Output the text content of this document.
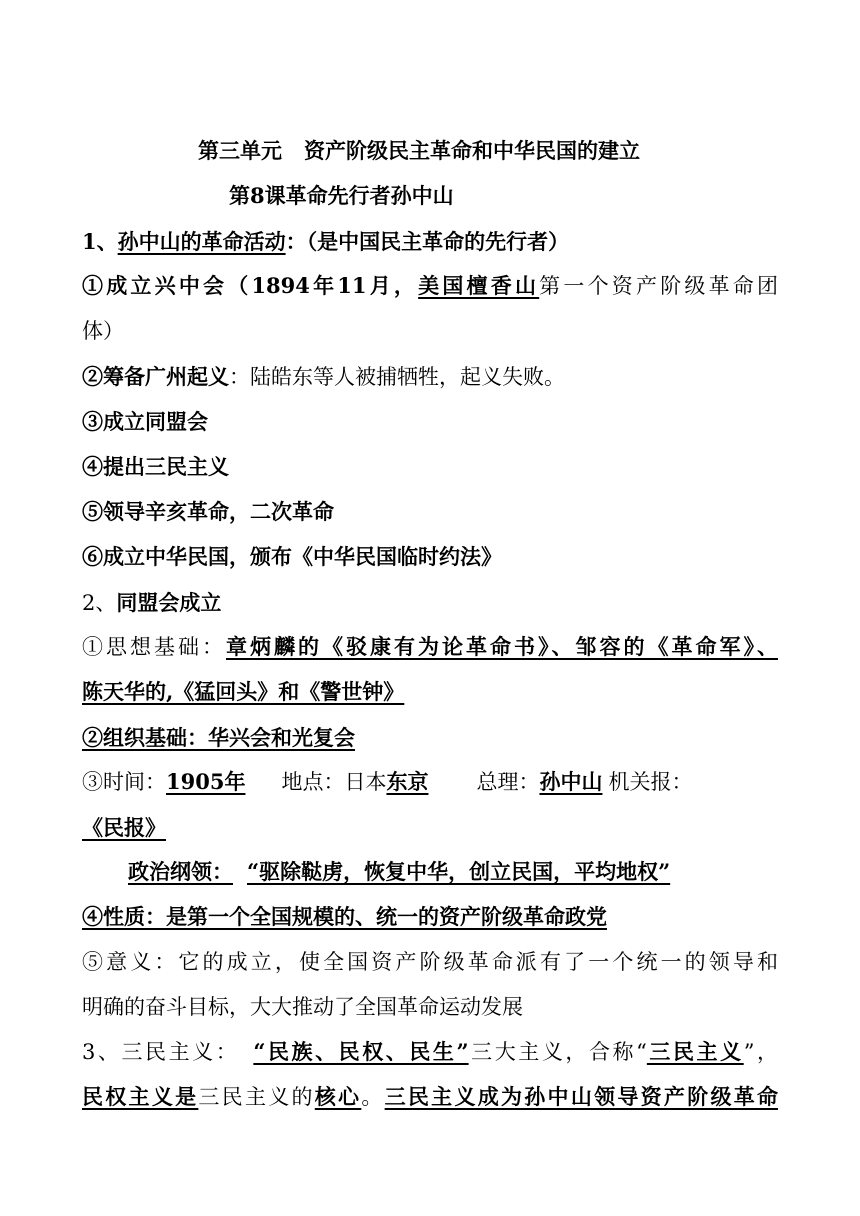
第三单元 资产阶级民主革命和中华民国的建立
第8课革命先行者孙中山
1、孙中山的革命活动：（是中国民主革命的先行者）
①成立兴中会（1894年11月，美国檀香山第一个资产阶级革命团
体）
②筹备广州起义：陆皓东等人被捕牺牲，起义失败。
③成立同盟会
④提出三民主义
⑤领导辛亥革命，二次革命
⑥成立中华民国，颁布《中华民国临时约法》
2、同盟会成立
①思想基础：章炳麟的《驳康有为论革命书》、邹容的《革命军》、
陈天华的,《猛回头》和《警世钟》
②组织基础：华兴会和光复会
③时间：1905年 地点：日本东京 总理：孙中山 机关报：
《民报》
政治纲领： “驱除鞑虏，恢复中华，创立民国，平均地权”
④性质：是第一个全国规模的、统一的资产阶级革命政党
⑤意义：它的成立，使全国资产阶级革命派有了一个统一的领导和
明确的奋斗目标，大大推动了全国革命运动发展
3、三民主义： “民族、民权、民生”三大主义，合称“三民主义”，
民权主义是三民主义的核心。三民主义成为孙中山领导资产阶级革命
